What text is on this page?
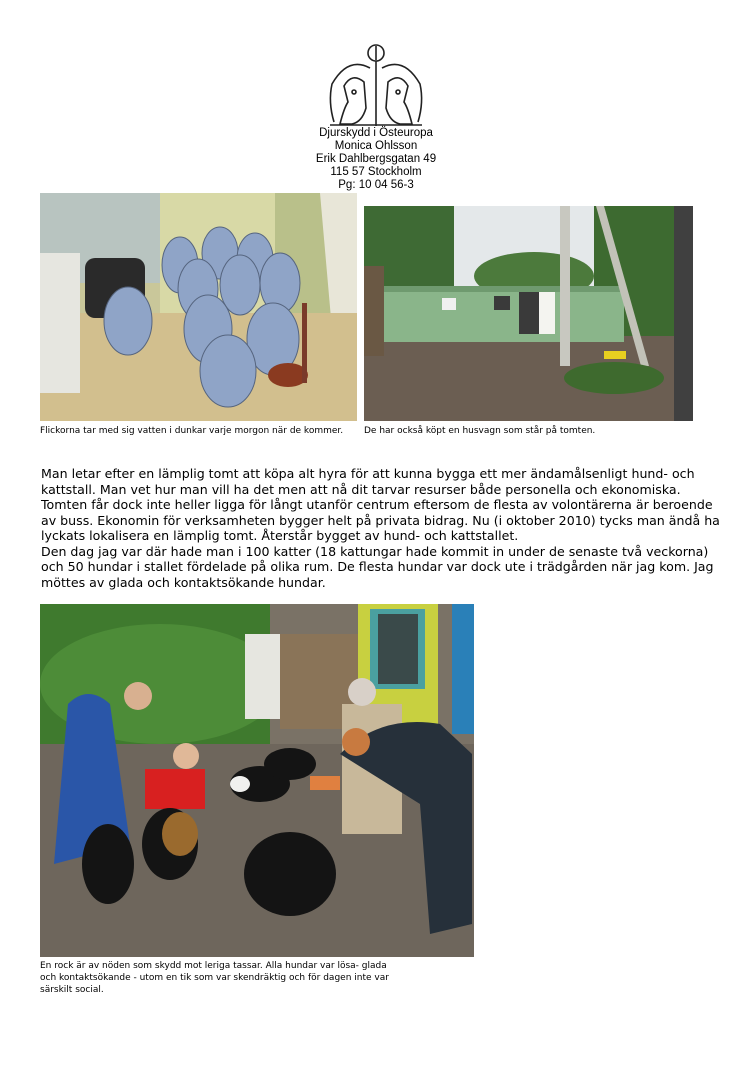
Djurskydd i Östeuropa
Monica Ohlsson
Erik Dahlbergsgatan 49
115 57 Stockholm
Pg: 10 04 56-3
Flickorna tar med sig vatten i dunkar varje morgon när de kommer.	De har också köpt en husvagn som står på tomten.

Man letar efter en lämplig tomt att köpa alt hyra för att kunna bygga ett mer ändamålsenligt hund- och kattstall. Man vet hur man vill ha det men att nå dit tarvar resurser både personella och ekonomiska. Tomten får dock inte heller ligga för långt utanför centrum eftersom de flesta av volontärerna är beroende av buss. Ekonomin för verksamheten bygger helt på privata bidrag. Nu (i oktober 2010) tycks man ändå ha lyckats lokalisera en lämplig tomt. Återstår bygget av hund- och kattstallet.

Den dag jag var där hade man i 100 katter (18 kattungar hade kommit in under de senaste två veckorna) och 50 hundar i stallet fördelade på olika rum. De flesta hundar var dock ute i trädgården när jag kom. Jag möttes av glada och kontaktsökande hundar.

En rock är av nöden som skydd mot leriga tassar. Alla hundar var lösa- glada och kontaktsökande - utom en tik som var skendräktig och för dagen inte var särskilt social.
